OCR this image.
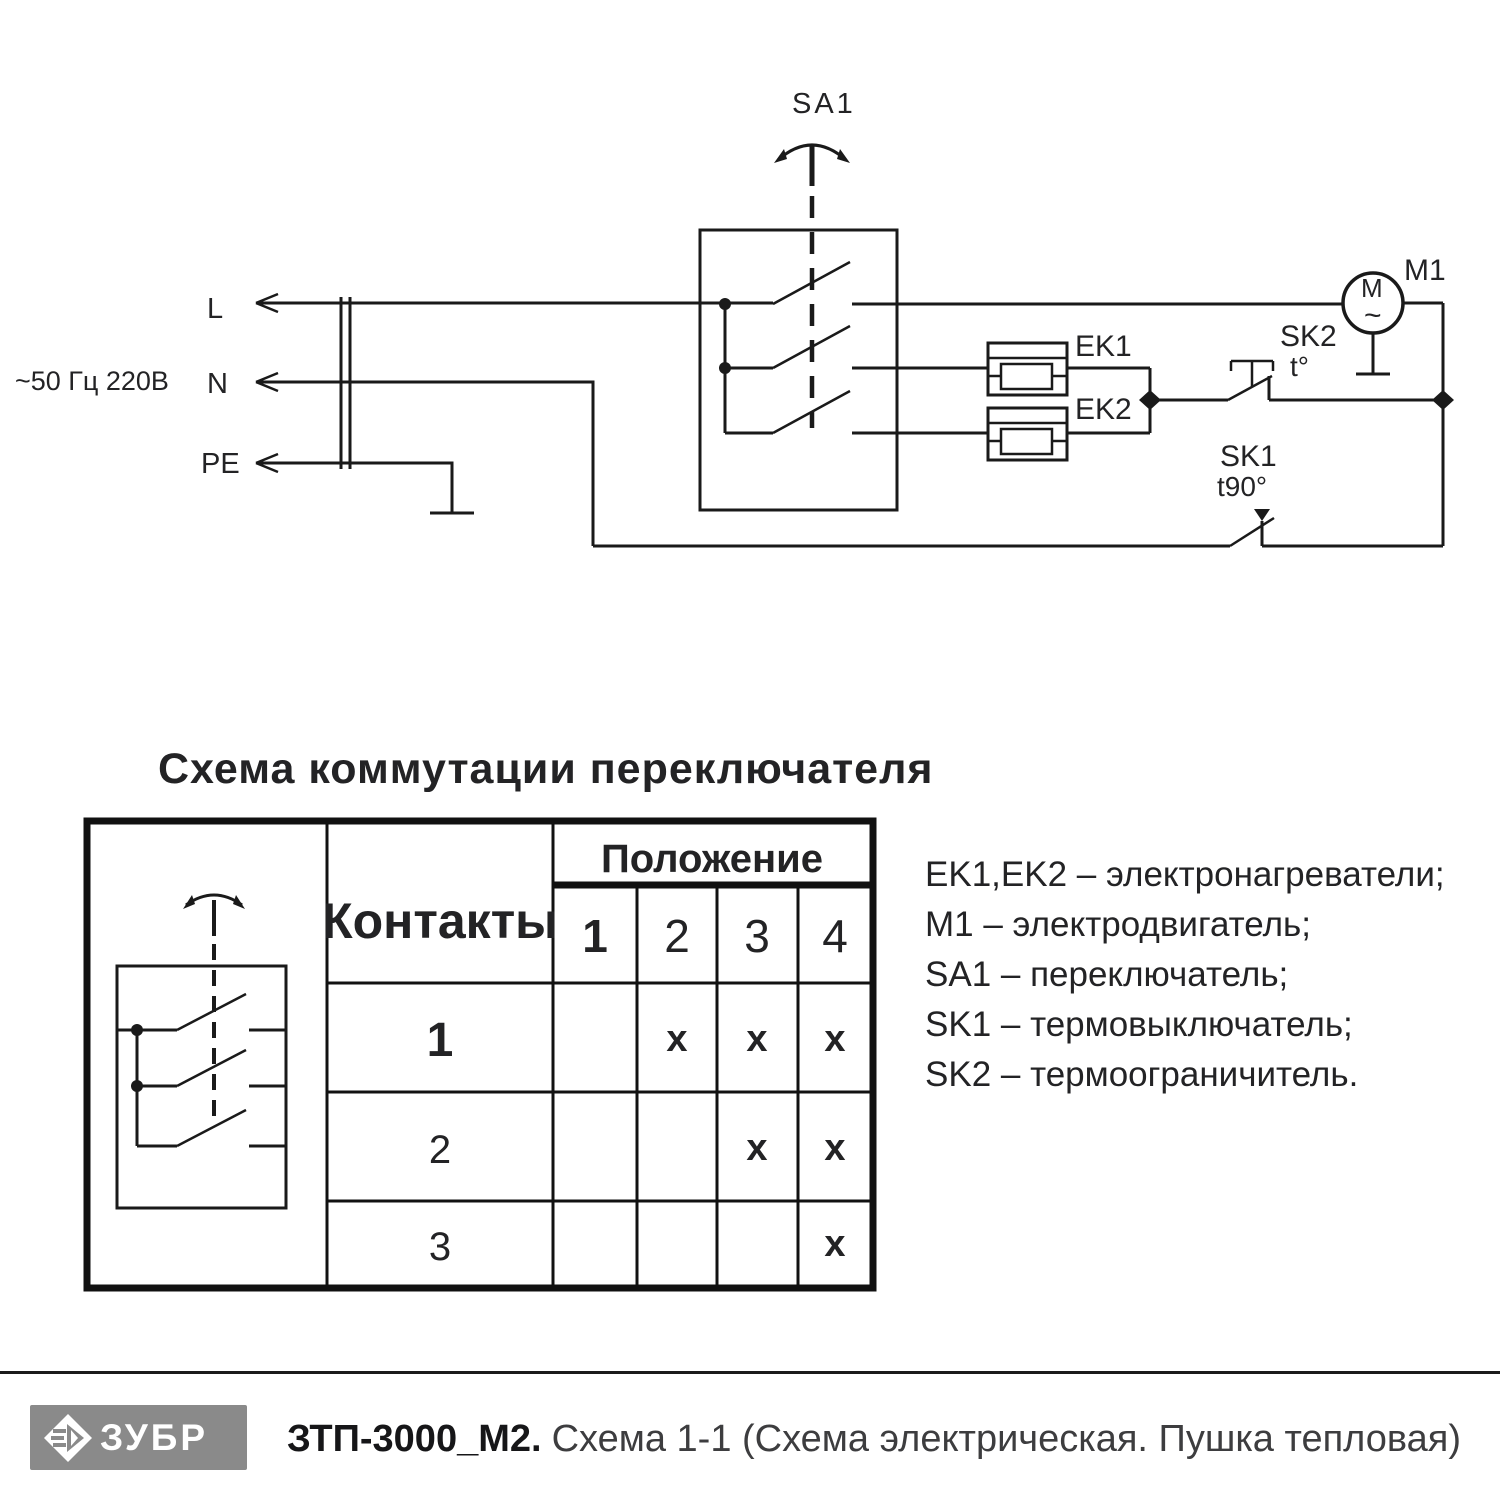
~50 Гц 220В
L
N
PE
SA1
EK1
EK2
M1
M
~
SK2
t°
SK1
t90°
Схема коммутации переключателя
Положение
Контакты 1 2 3 4
1
2
3
x x x
x x
x
EK1,EK2 – электронагреватели;
M1 – электродвигатель;
SA1 – переключатель;
SK1 – термовыключатель;
SK2 – термоограничитель.
ЗУБР ЗТП-3000_М2. Схема 1-1 (Схема электрическая. Пушка тепловая)
